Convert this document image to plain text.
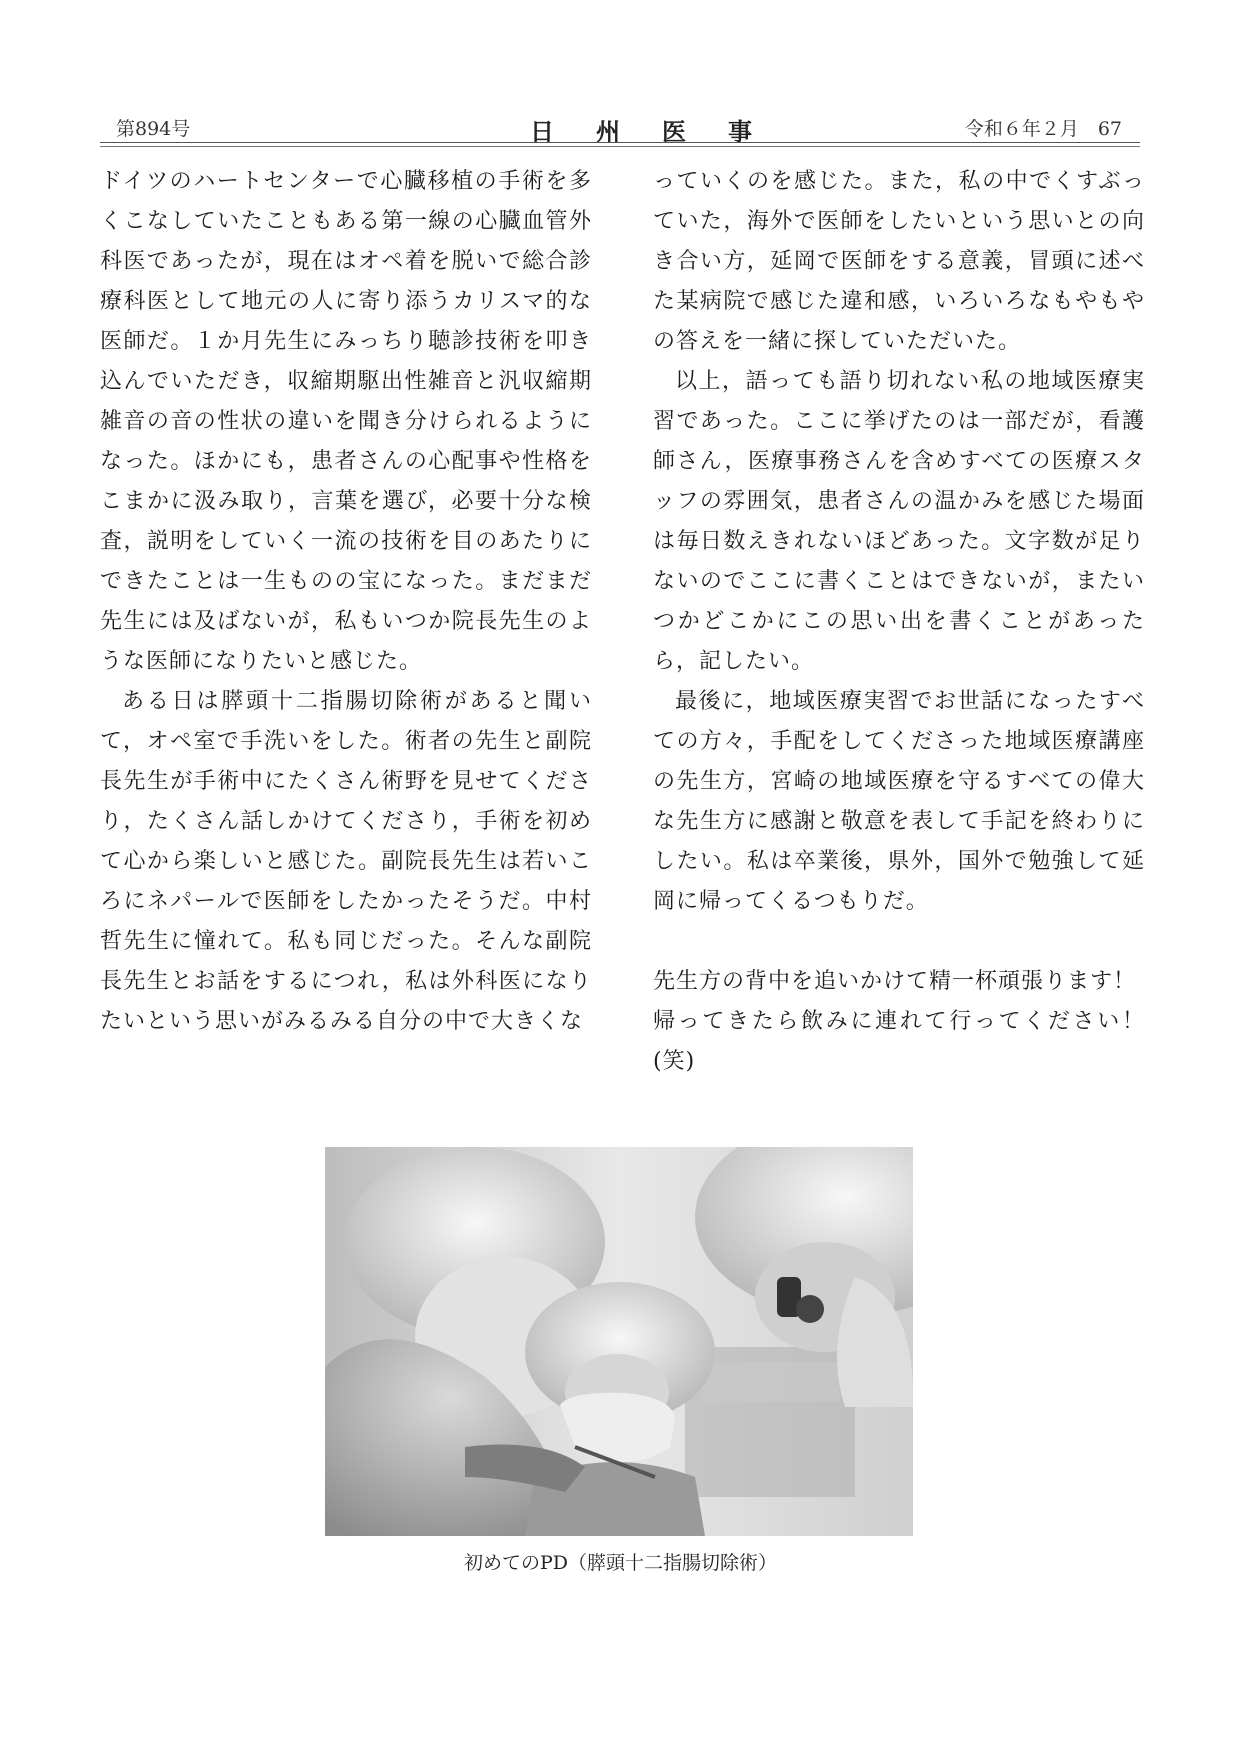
第894号	日州医事	令和６年２月　67

ドイツのハートセンターで心臓移植の手術を多くこなしていたこともある第一線の心臓血管外科医であったが，現在はオペ着を脱いで総合診療科医として地元の人に寄り添うカリスマ的な医師だ。１か月先生にみっちり聴診技術を叩き込んでいただき，収縮期駆出性雑音と汎収縮期雑音の音の性状の違いを聞き分けられるようになった。ほかにも，患者さんの心配事や性格をこまかに汲み取り，言葉を選び，必要十分な検査，説明をしていく一流の技術を目のあたりにできたことは一生ものの宝になった。まだまだ先生には及ばないが，私もいつか院長先生のような医師になりたいと感じた。

ある日は膵頭十二指腸切除術があると聞いて，オペ室で手洗いをした。術者の先生と副院長先生が手術中にたくさん術野を見せてくださり，たくさん話しかけてくださり，手術を初めて心から楽しいと感じた。副院長先生は若いころにネパールで医師をしたかったそうだ。中村哲先生に憧れて。私も同じだった。そんな副院長先生とお話をするにつれ，私は外科医になりたいという思いがみるみる自分の中で大きくな

っていくのを感じた。また，私の中でくすぶっていた，海外で医師をしたいという思いとの向き合い方，延岡で医師をする意義，冒頭に述べた某病院で感じた違和感，いろいろなもやもやの答えを一緒に探していただいた。

以上，語っても語り切れない私の地域医療実習であった。ここに挙げたのは一部だが，看護師さん，医療事務さんを含めすべての医療スタッフの雰囲気，患者さんの温かみを感じた場面は毎日数えきれないほどあった。文字数が足りないのでここに書くことはできないが，またいつかどこかにこの思い出を書くことがあったら，記したい。

最後に，地域医療実習でお世話になったすべての方々，手配をしてくださった地域医療講座の先生方，宮崎の地域医療を守るすべての偉大な先生方に感謝と敬意を表して手記を終わりにしたい。私は卒業後，県外，国外で勉強して延岡に帰ってくるつもりだ。

先生方の背中を追いかけて精一杯頑張ります！

帰ってきたら飲みに連れて行ってください！(笑)

初めてのPD（膵頭十二指腸切除術）
